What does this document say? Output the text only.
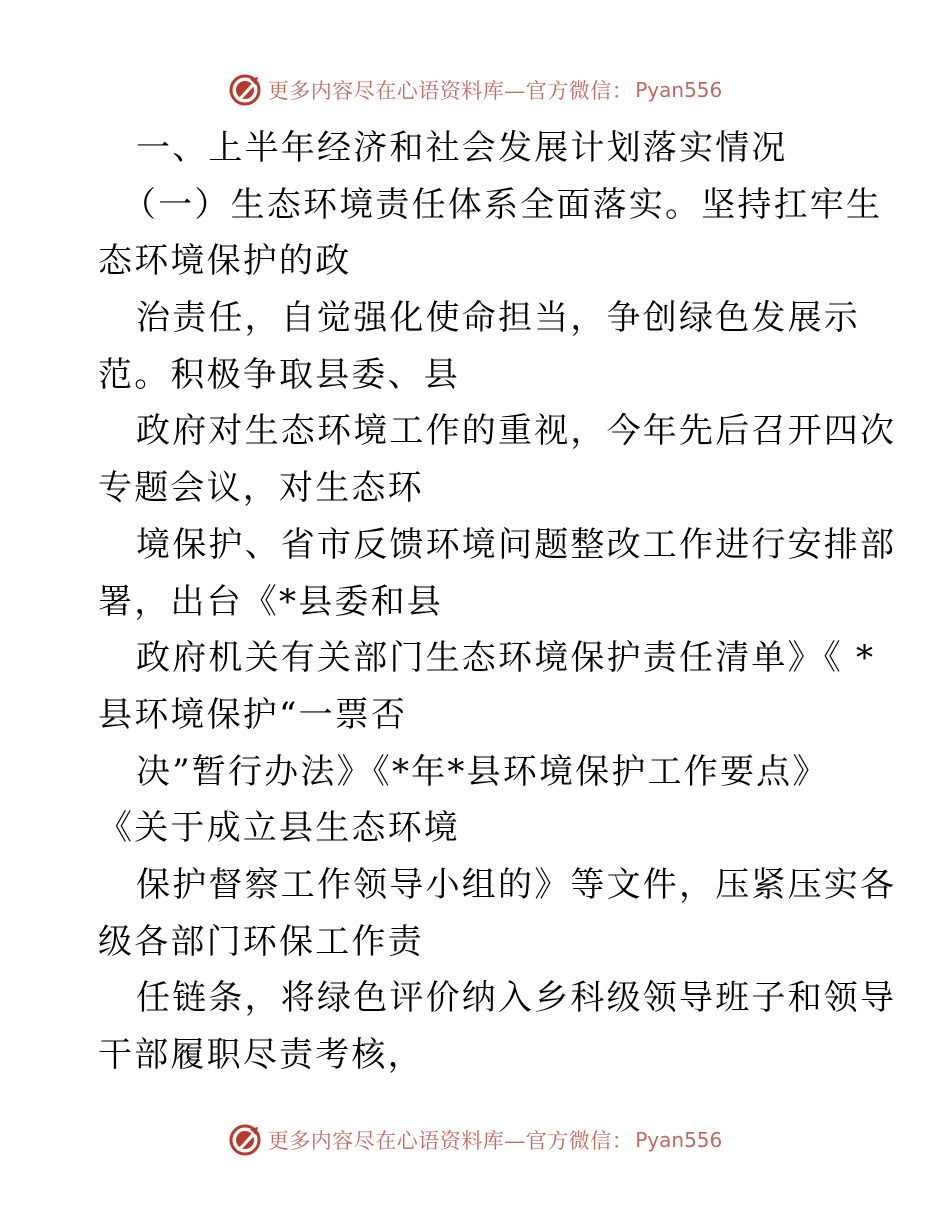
更多内容尽在心语资料库—官方微信： Pyan556
一、上半年经济和社会发展计划落实情况
（一）生态环境责任体系全面落实。坚持扛牢生
态环境保护的政
治责任，自觉强化使命担当，争创绿色发展示
范。积极争取县委、县
政府对生态环境工作的重视，今年先后召开四次
专题会议，对生态环
境保护、省市反馈环境问题整改工作进行安排部
署，出台《*县委和县
政府机关有关部门生态环境保护责任清单》《 *
县环境保护“一票否
决”暂行办法》《*年*县环境保护工作要点》
《关于成立县生态环境
保护督察工作领导小组的》等文件，压紧压实各
级各部门环保工作责
任链条，将绿色评价纳入乡科级领导班子和领导
干部履职尽责考核，
更多内容尽在心语资料库—官方微信： Pyan556
